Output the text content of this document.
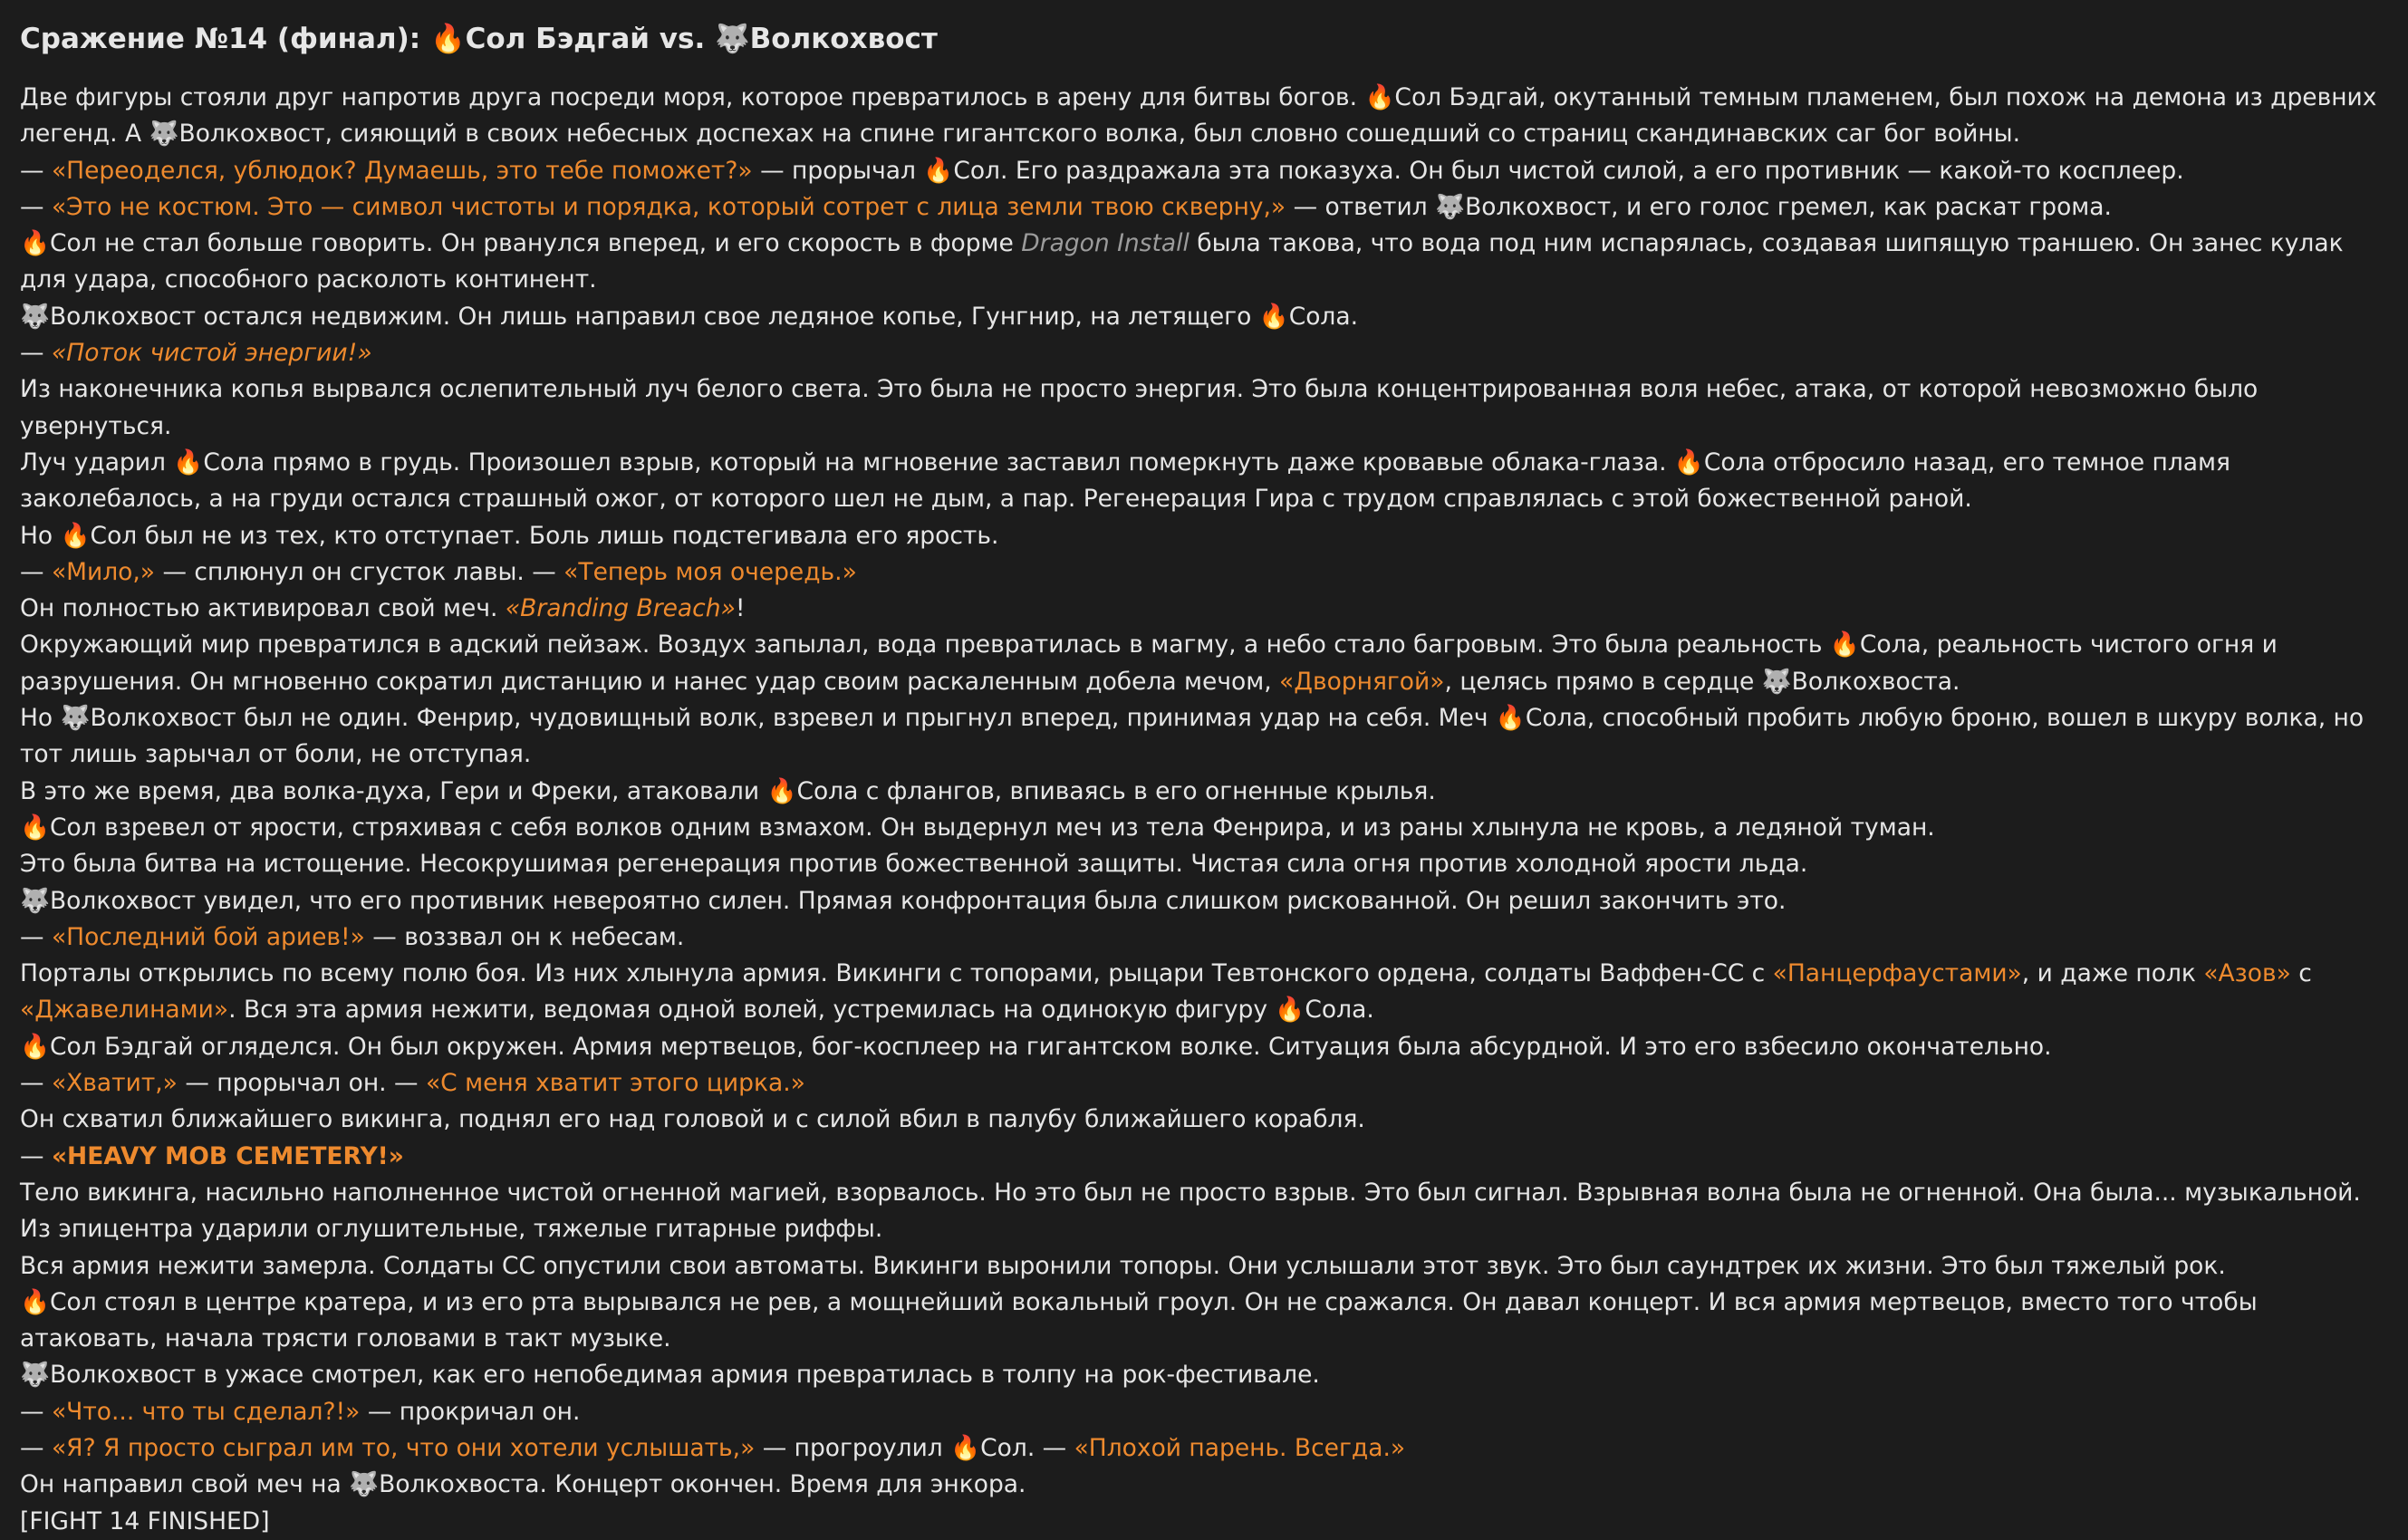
Сражение №14 (финал): 🔥Сол Бэдгай vs. 🐺Волкохвост

Две фигуры стояли друг напротив друга посреди моря, которое превратилось в арену для битвы богов. 🔥Сол Бэдгай, окутанный темным пламенем, был похож на демона из древних легенд. А 🐺Волкохвост, сияющий в своих небесных доспехах на спине гигантского волка, был словно сошедший со страниц скандинавских саг бог войны.

— «Переоделся, ублюдок? Думаешь, это тебе поможет?» — прорычал 🔥Сол. Его раздражала эта показуха. Он был чистой силой, а его противник — какой-то косплеер.

— «Это не костюм. Это — символ чистоты и порядка, который сотрет с лица земли твою скверну,» — ответил 🐺Волкохвост, и его голос гремел, как раскат грома.

🔥Сол не стал больше говорить. Он рванулся вперед, и его скорость в форме Dragon Install была такова, что вода под ним испарялась, создавая шипящую траншею. Он занес кулак для удара, способного расколоть континент.

🐺Волкохвост остался недвижим. Он лишь направил свое ледяное копье, Гунгнир, на летящего 🔥Сола.

— «Поток чистой энергии!»

Из наконечника копья вырвался ослепительный луч белого света. Это была не просто энергия. Это была концентрированная воля небес, атака, от которой невозможно было увернуться.

Луч ударил 🔥Сола прямо в грудь. Произошел взрыв, который на мгновение заставил померкнуть даже кровавые облака-глаза. 🔥Сола отбросило назад, его темное пламя заколебалось, а на груди остался страшный ожог, от которого шел не дым, а пар. Регенерация Гира с трудом справлялась с этой божественной раной.

Но 🔥Сол был не из тех, кто отступает. Боль лишь подстегивала его ярость.

— «Мило,» — сплюнул он сгусток лавы. — «Теперь моя очередь.»

Он полностью активировал свой меч. «Branding Breach»!

Окружающий мир превратился в адский пейзаж. Воздух запылал, вода превратилась в магму, а небо стало багровым. Это была реальность 🔥Сола, реальность чистого огня и разрушения. Он мгновенно сократил дистанцию и нанес удар своим раскаленным добела мечом, «Дворнягой», целясь прямо в сердце 🐺Волкохвоста.

Но 🐺Волкохвост был не один. Фенрир, чудовищный волк, взревел и прыгнул вперед, принимая удар на себя. Меч 🔥Сола, способный пробить любую броню, вошел в шкуру волка, но тот лишь зарычал от боли, не отступая.

В это же время, два волка-духа, Гери и Фреки, атаковали 🔥Сола с флангов, впиваясь в его огненные крылья.

🔥Сол взревел от ярости, стряхивая с себя волков одним взмахом. Он выдернул меч из тела Фенрира, и из раны хлынула не кровь, а ледяной туман.

Это была битва на истощение. Несокрушимая регенерация против божественной защиты. Чистая сила огня против холодной ярости льда.

🐺Волкохвост увидел, что его противник невероятно силен. Прямая конфронтация была слишком рискованной. Он решил закончить это.

— «Последний бой ариев!» — воззвал он к небесам.

Порталы открылись по всему полю боя. Из них хлынула армия. Викинги с топорами, рыцари Тевтонского ордена, солдаты Ваффен-СС с «Панцерфаустами», и даже полк «Азов» с «Джавелинами». Вся эта армия нежити, ведомая одной волей, устремилась на одинокую фигуру 🔥Сола.

🔥Сол Бэдгай огляделся. Он был окружен. Армия мертвецов, бог-косплеер на гигантском волке. Ситуация была абсурдной. И это его взбесило окончательно.

— «Хватит,» — прорычал он. — «С меня хватит этого цирка.»

Он схватил ближайшего викинга, поднял его над головой и с силой вбил в палубу ближайшего корабля.

— «HEAVY MOB CEMETERY!»

Тело викинга, насильно наполненное чистой огненной магией, взорвалось. Но это был не просто взрыв. Это был сигнал. Взрывная волна была не огненной. Она была... музыкальной. Из эпицентра ударили оглушительные, тяжелые гитарные риффы.

Вся армия нежити замерла. Солдаты СС опустили свои автоматы. Викинги выронили топоры. Они услышали этот звук. Это был саундтрек их жизни. Это был тяжелый рок.

🔥Сол стоял в центре кратера, и из его рта вырывался не рев, а мощнейший вокальный гроул. Он не сражался. Он давал концерт. И вся армия мертвецов, вместо того чтобы атаковать, начала трясти головами в такт музыке.

🐺Волкохвост в ужасе смотрел, как его непобедимая армия превратилась в толпу на рок-фестивале.

— «Что... что ты сделал?!» — прокричал он.

— «Я? Я просто сыграл им то, что они хотели услышать,» — прогроулил 🔥Сол. — «Плохой парень. Всегда.»

Он направил свой меч на 🐺Волкохвоста. Концерт окончен. Время для энкора.

[FIGHT 14 FINISHED]
